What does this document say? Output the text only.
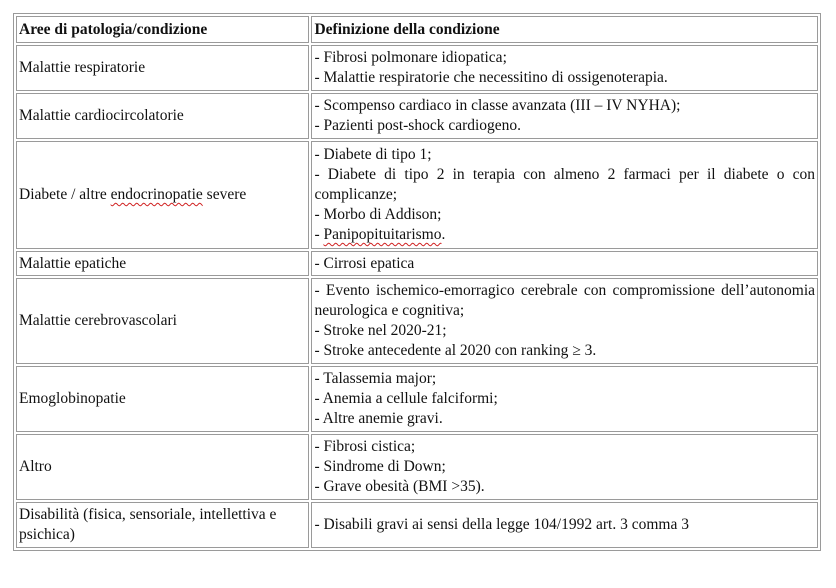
Aree di patologia/condizione	Definizione della condizione
Malattie respiratorie	- Fibrosi polmonare idiopatica;
- Malattie respiratorie che necessitino di ossigenoterapia.

Malattie cardiocircolatorie	- Scompenso cardiaco in classe avanzata (III – IV NYHA);
- Pazienti post-shock cardiogeno.

Diabete / altre endocrinopatie severe	- Diabete di tipo 1;
- Diabete di tipo 2 in terapia con almeno 2 farmaci per il diabete o con complicanze;
- Morbo di Addison;
- Panipopituitarismo.

Malattie epatiche	- Cirrosi epatica

Malattie cerebrovascolari	- Evento ischemico-emorragico cerebrale con compromissione dell’autonomia neurologica e cognitiva;
- Stroke nel 2020-21;
- Stroke antecedente al 2020 con ranking ≥ 3.

Emoglobinopatie	- Talassemia major;
- Anemia a cellule falciformi;
- Altre anemie gravi.

Altro	- Fibrosi cistica;
- Sindrome di Down;
- Grave obesità (BMI >35).

Disabilità (fisica, sensoriale, intellettiva e psichica)	- Disabili gravi ai sensi della legge 104/1992 art. 3 comma 3
